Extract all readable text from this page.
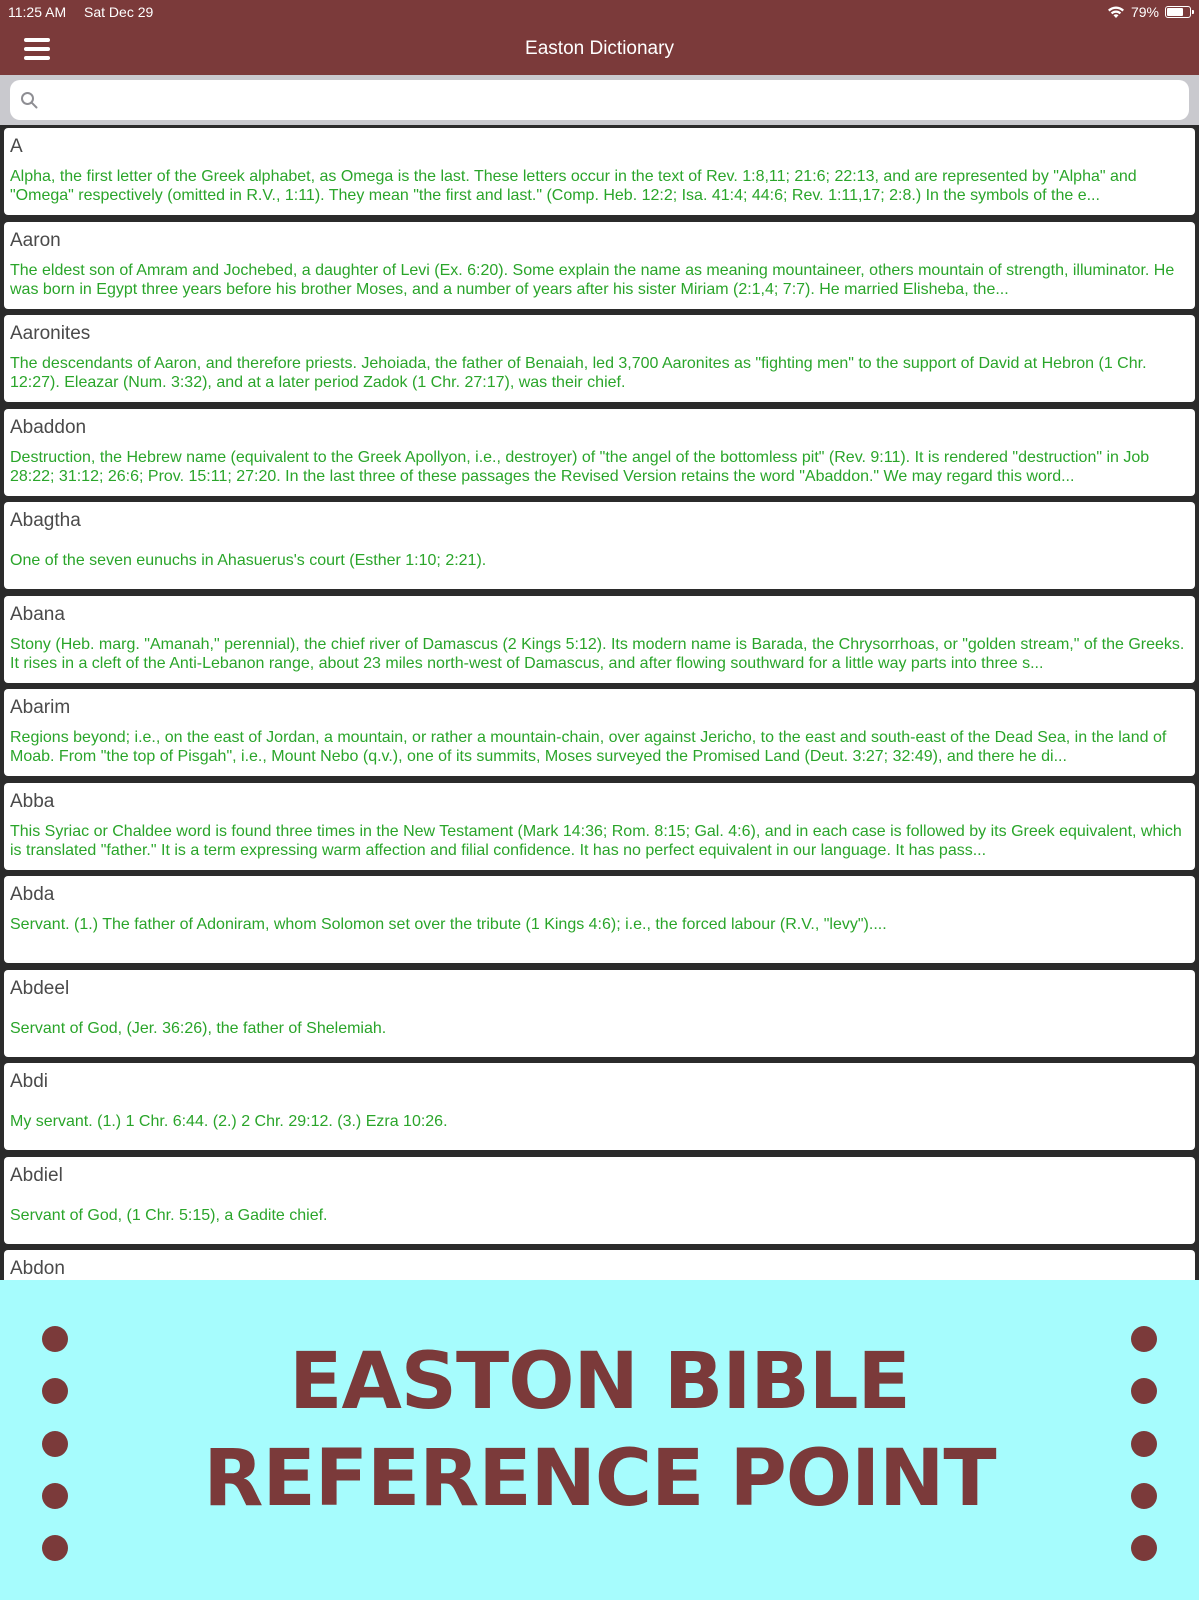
11:25 AM Sat Dec 29	79%
Easton Dictionary
A
Alpha, the first letter of the Greek alphabet, as Omega is the last. These letters occur in the text of Rev. 1:8,11; 21:6; 22:13, and are represented by "Alpha" and "Omega" respectively (omitted in R.V., 1:11). They mean "the first and last." (Comp. Heb. 12:2; Isa. 41:4; 44:6; Rev. 1:11,17; 2:8.) In the symbols of the e...
Aaron
The eldest son of Amram and Jochebed, a daughter of Levi (Ex. 6:20). Some explain the name as meaning mountaineer, others mountain of strength, illuminator. He was born in Egypt three years before his brother Moses, and a number of years after his sister Miriam (2:1,4; 7:7). He married Elisheba, the...
Aaronites
The descendants of Aaron, and therefore priests. Jehoiada, the father of Benaiah, led 3,700 Aaronites as "fighting men" to the support of David at Hebron (1 Chr. 12:27). Eleazar (Num. 3:32), and at a later period Zadok (1 Chr. 27:17), was their chief.
Abaddon
Destruction, the Hebrew name (equivalent to the Greek Apollyon, i.e., destroyer) of "the angel of the bottomless pit" (Rev. 9:11). It is rendered "destruction" in Job 28:22; 31:12; 26:6; Prov. 15:11; 27:20. In the last three of these passages the Revised Version retains the word "Abaddon." We may regard this word...
Abagtha
One of the seven eunuchs in Ahasuerus's court (Esther 1:10; 2:21).
Abana
Stony (Heb. marg. "Amanah," perennial), the chief river of Damascus (2 Kings 5:12). Its modern name is Barada, the Chrysorrhoas, or "golden stream," of the Greeks. It rises in a cleft of the Anti-Lebanon range, about 23 miles north-west of Damascus, and after flowing southward for a little way parts into three s...
Abarim
Regions beyond; i.e., on the east of Jordan, a mountain, or rather a mountain-chain, over against Jericho, to the east and south-east of the Dead Sea, in the land of Moab. From "the top of Pisgah", i.e., Mount Nebo (q.v.), one of its summits, Moses surveyed the Promised Land (Deut. 3:27; 32:49), and there he di...
Abba
This Syriac or Chaldee word is found three times in the New Testament (Mark 14:36; Rom. 8:15; Gal. 4:6), and in each case is followed by its Greek equivalent, which is translated "father." It is a term expressing warm affection and filial confidence. It has no perfect equivalent in our language. It has pass...
Abda
Servant. (1.) The father of Adoniram, whom Solomon set over the tribute (1 Kings 4:6); i.e., the forced labour (R.V., "levy")....
Abdeel
Servant of God, (Jer. 36:26), the father of Shelemiah.
Abdi
My servant. (1.) 1 Chr. 6:44. (2.) 2 Chr. 29:12. (3.) Ezra 10:26.
Abdiel
Servant of God, (1 Chr. 5:15), a Gadite chief.
Abdon
EASTON BIBLE
REFERENCE POINT
